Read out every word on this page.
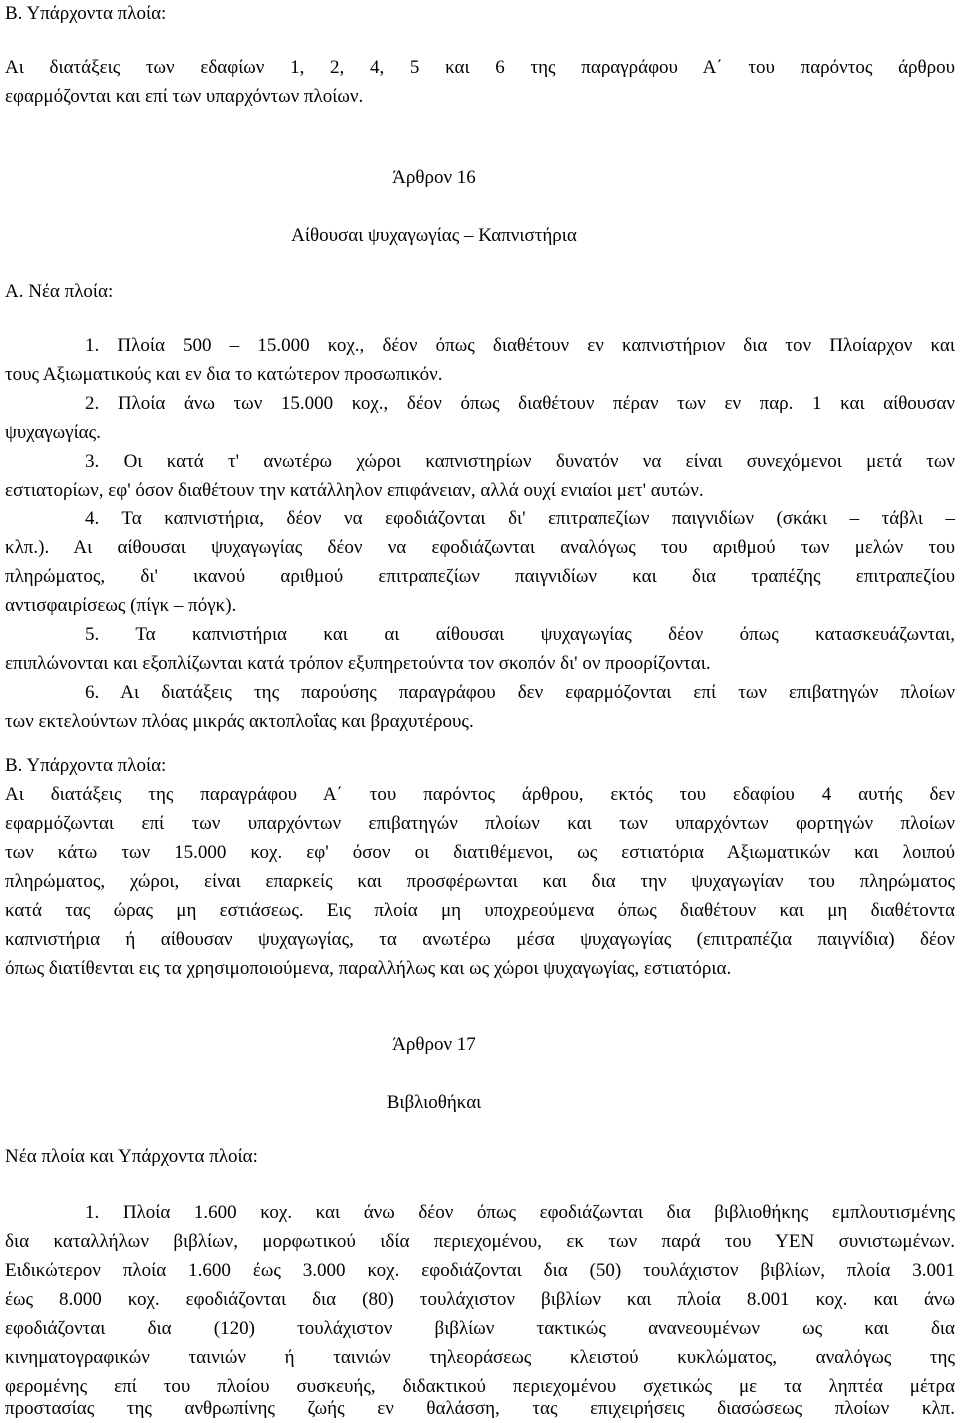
Β. Υπάρχοντα πλοία:
Αι διατάξεις των εδαφίων 1, 2, 4, 5 και 6 της παραγράφου Α΄ του παρόντος άρθρου
εφαρμόζονται και επί των υπαρχόντων πλοίων.
Άρθρον 16
Αίθουσαι ψυχαγωγίας – Καπνιστήρια
Α. Νέα πλοία:
1. Πλοία 500 – 15.000 κοχ., δέον όπως διαθέτουν εν καπνιστήριον δια τον Πλοίαρχον και
τους Αξιωματικούς και εν δια το κατώτερον προσωπικόν.
2. Πλοία άνω των 15.000 κοχ., δέον όπως διαθέτουν πέραν των εν παρ. 1 και αίθουσαν
ψυχαγωγίας.
3. Οι κατά τ' ανωτέρω χώροι καπνιστηρίων δυνατόν να είναι συνεχόμενοι μετά των
εστιατορίων, εφ' όσον διαθέτουν την κατάλληλον επιφάνειαν, αλλά ουχί ενιαίοι μετ' αυτών.
4. Τα καπνιστήρια, δέον να εφοδιάζονται δι' επιτραπεζίων παιγνιδίων (σκάκι – τάβλι –
κλπ.). Αι αίθουσαι ψυχαγωγίας δέον να εφοδιάζωνται αναλόγως του αριθμού των μελών του
πληρώματος, δι' ικανού αριθμού επιτραπεζίων παιγνιδίων και δια τραπέζης επιτραπεζίου
αντισφαιρίσεως (πίγκ – πόγκ).
5. Τα καπνιστήρια και αι αίθουσαι ψυχαγωγίας δέον όπως κατασκευάζωνται,
επιπλώνονται και εξοπλίζωνται κατά τρόπον εξυπηρετούντα τον σκοπόν δι' ον προορίζονται.
6. Αι διατάξεις της παρούσης παραγράφου δεν εφαρμόζονται επί των επιβατηγών πλοίων
των εκτελούντων πλόας μικράς ακτοπλοΐας και βραχυτέρους.
Β. Υπάρχοντα πλοία:
Αι διατάξεις της παραγράφου Α΄ του παρόντος άρθρου, εκτός του εδαφίου 4 αυτής δεν
εφαρμόζωνται επί των υπαρχόντων επιβατηγών πλοίων και των υπαρχόντων φορτηγών πλοίων
των κάτω των 15.000 κοχ. εφ' όσον οι διατιθέμενοι, ως εστιατόρια Αξιωματικών και λοιπού
πληρώματος, χώροι, είναι επαρκείς και προσφέρωνται και δια την ψυχαγωγίαν του πληρώματος
κατά τας ώρας μη εστιάσεως. Εις πλοία μη υποχρεούμενα όπως διαθέτουν και μη διαθέτοντα
καπνιστήρια ή αίθουσαν ψυχαγωγίας, τα ανωτέρω μέσα ψυχαγωγίας (επιτραπέζια παιγνίδια) δέον
όπως διατίθενται εις τα χρησιμοποιούμενα, παραλλήλως και ως χώροι ψυχαγωγίας, εστιατόρια.
Άρθρον 17
Βιβλιοθήκαι
Νέα πλοία και Υπάρχοντα πλοία:
1. Πλοία 1.600 κοχ. και άνω δέον όπως εφοδιάζωνται δια βιβλιοθήκης εμπλουτισμένης
δια καταλλήλων βιβλίων, μορφωτικού ιδία περιεχομένου, εκ των παρά του ΥΕΝ συνιστωμένων.
Ειδικώτερον πλοία 1.600 έως 3.000 κοχ. εφοδιάζονται δια (50) τουλάχιστον βιβλίων, πλοία 3.001
έως 8.000 κοχ. εφοδιάζονται δια (80) τουλάχιστον βιβλίων και πλοία 8.001 κοχ. και άνω
εφοδιάζονται δια (120) τουλάχιστον βιβλίων τακτικώς ανανεουμένων ως και δια
κινηματογραφικών ταινιών ή ταινιών τηλεοράσεως κλειστού κυκλώματος, αναλόγως της
φερομένης επί του πλοίου συσκευής, διδακτικού περιεχομένου σχετικώς με τα ληπτέα μέτρα
προστασίας της ανθρωπίνης ζωής εν θαλάσση, τας επιχειρήσεις διασώσεως πλοίων κλπ.
